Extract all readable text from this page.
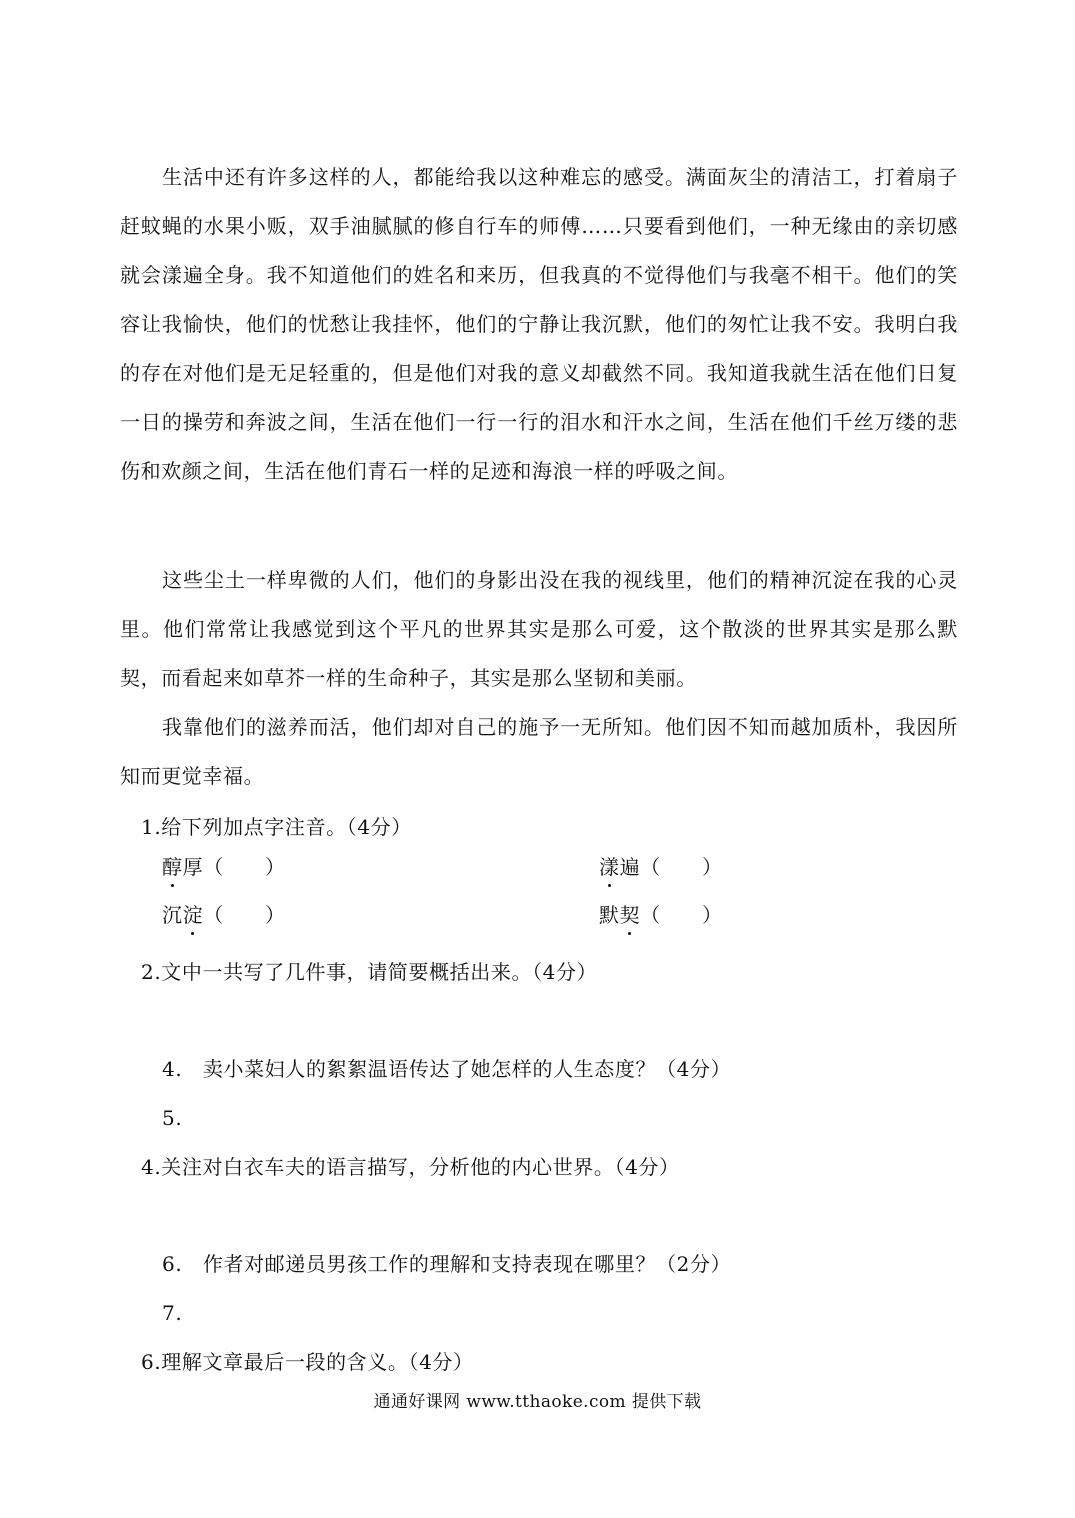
生活中还有许多这样的人，都能给我以这种难忘的感受。满面灰尘的清洁工，打着扇子赶蚊蝇的水果小贩，双手油腻腻的修自行车的师傅……只要看到他们，一种无缘由的亲切感就会漾遍全身。我不知道他们的姓名和来历，但我真的不觉得他们与我毫不相干。他们的笑容让我愉快，他们的忧愁让我挂怀，他们的宁静让我沉默，他们的匆忙让我不安。我明白我的存在对他们是无足轻重的，但是他们对我的意义却截然不同。我知道我就生活在他们日复一日的操劳和奔波之间，生活在他们一行一行的泪水和汗水之间，生活在他们千丝万缕的悲伤和欢颜之间，生活在他们青石一样的足迹和海浪一样的呼吸之间。

这些尘土一样卑微的人们，他们的身影出没在我的视线里，他们的精神沉淀在我的心灵里。他们常常让我感觉到这个平凡的世界其实是那么可爱，这个散淡的世界其实是那么默契，而看起来如草芥一样的生命种子，其实是那么坚韧和美丽。

我靠他们的滋养而活，他们却对自己的施予一无所知。他们因不知而越加质朴，我因所知而更觉幸福。

1.给下列加点字注音。（4分）
醇厚（　　）	漾遍（　　）
沉淀（　　）	默契（　　）
2.文中一共写了几件事，请简要概括出来。（4分）
4.　卖小菜妇人的絮絮温语传达了她怎样的人生态度？（4分）
5.
4.关注对白衣车夫的语言描写，分析他的内心世界。（4分）
6.　作者对邮递员男孩工作的理解和支持表现在哪里？（2分）
7.
6.理解文章最后一段的含义。（4分）
通通好课网 www.tthaoke.com 提供下载
